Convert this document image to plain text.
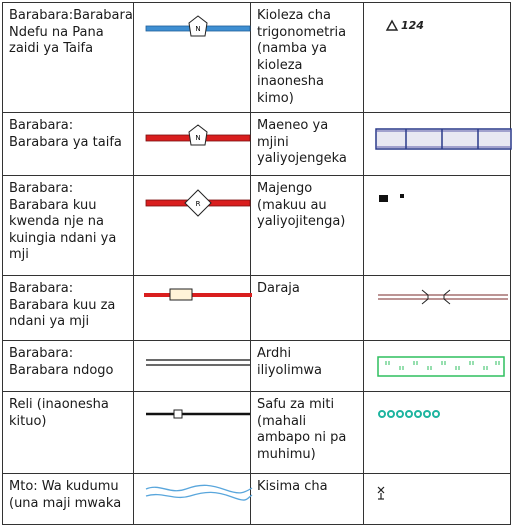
Barabara:Barabara Ndefu na Pana zaidi ya Taifa	N	Kioleza cha trigonometria (namba ya kioleza inaonesha kimo)	124

Barabara: Barabara ya taifa	N	Maeneo ya mjini yaliyojengeka	

Barabara: Barabara kuu kwenda nje na kuingia ndani ya mji	R	Majengo (makuu au yaliyojitenga)	

Barabara: Barabara kuu za ndani ya mji		Daraja	

Barabara: Barabara ndogo		Ardhi iliyolimwa	

Reli (inaonesha kituo)		Safu za miti (mahali ambapo ni pa muhimu)	

Mto: Wa kudumu (una maji mwaka		Kisima cha	
